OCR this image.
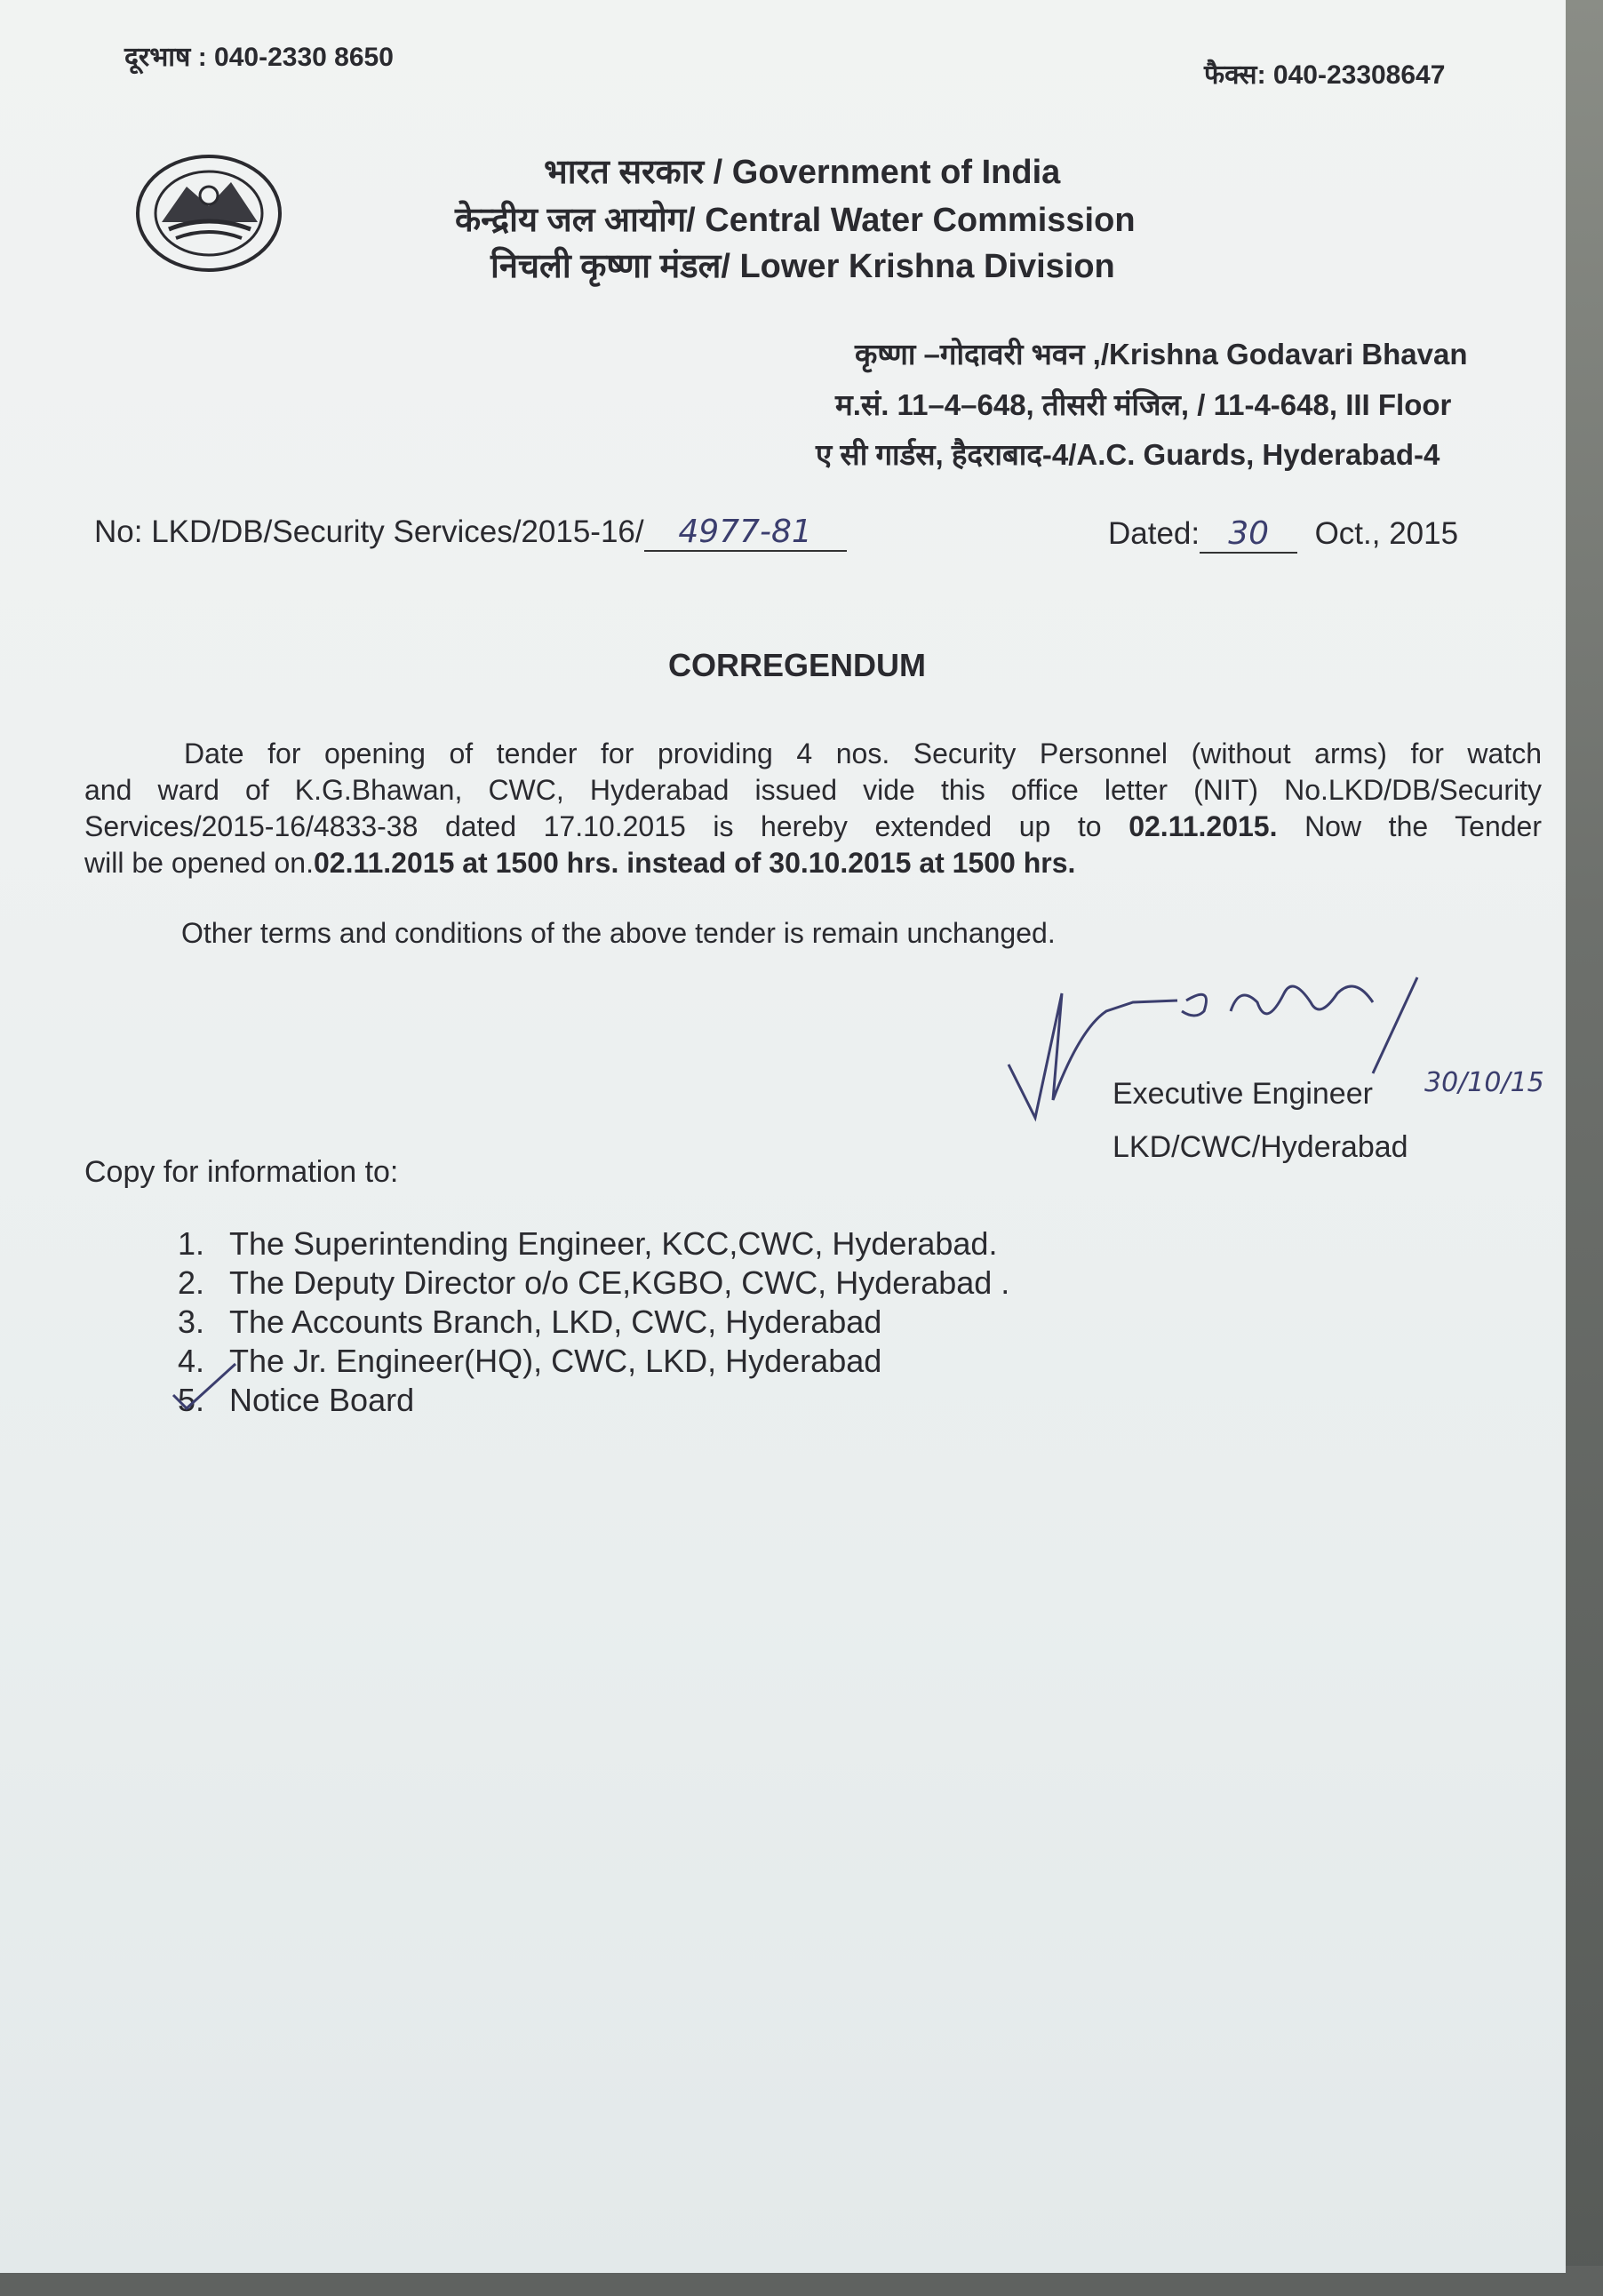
दूरभाष : 040-2330 8650
फैक्स: 040-23308647
भारत सरकार / Government of India
केन्द्रीय जल आयोग/ Central Water Commission
निचली कृष्णा मंडल/ Lower Krishna Division
कृष्णा –गोदावरी भवन ,/Krishna Godavari Bhavan
म.सं. 11–4–648, तीसरी मंजिल, / 11-4-648, III Floor
ए सी गार्डस, हैदराबाद-4/A.C. Guards, Hyderabad-4
No: LKD/DB/Security Services/2015-16/ 4977-81	Dated: 30 Oct., 2015
CORREGENDUM
Date for opening of tender for providing 4 nos. Security Personnel (without arms) for watch
and ward of K.G.Bhawan, CWC, Hyderabad issued vide this office letter (NIT) No.LKD/DB/Security
Services/2015-16/4833-38 dated 17.10.2015 is hereby extended up to 02.11.2015. Now the Tender
will be opened on.02.11.2015 at 1500 hrs. instead of 30.10.2015 at 1500 hrs.
Other terms and conditions of the above tender is remain unchanged.
30/10/15
Executive Engineer
LKD/CWC/Hyderabad
Copy for information to:
1. The Superintending Engineer, KCC,CWC, Hyderabad.
2. The Deputy Director o/o CE,KGBO, CWC, Hyderabad .
3. The Accounts Branch, LKD, CWC, Hyderabad
4. The Jr. Engineer(HQ), CWC, LKD, Hyderabad
5. Notice Board
